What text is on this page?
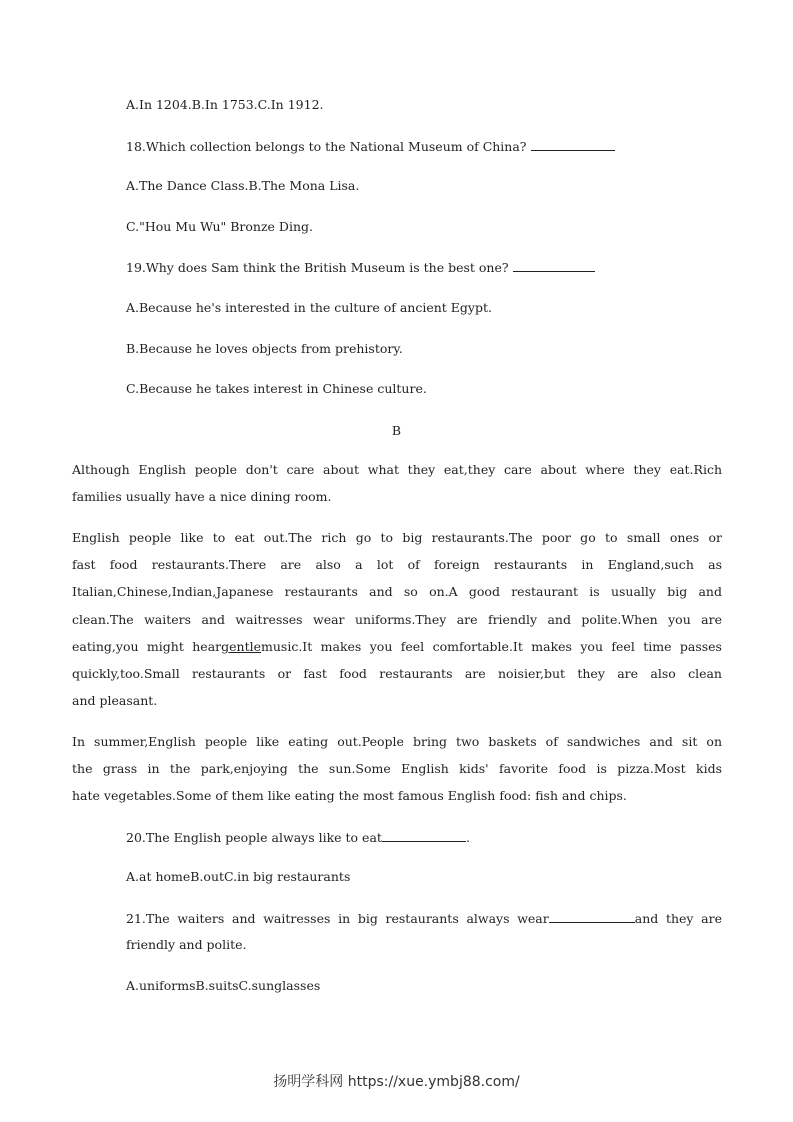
A.In 1204.B.In 1753.C.In 1912.
18.Which collection belongs to the National Museum of China?
A.The Dance Class.B.The Mona Lisa.
C."Hou Mu Wu" Bronze Ding.
19.Why does Sam think the British Museum is the best one?
A.Because he's interested in the culture of ancient Egypt.
B.Because he loves objects from prehistory.
C.Because he takes interest in Chinese culture.
B
Although English people don't care about what they eat,they care about where they eat.Rich
families usually have a nice dining room.
English people like to eat out.The rich go to big restaurants.The poor go to small ones or
fast food restaurants.There are also a lot of foreign restaurants in England,such as
Italian,Chinese,Indian,Japanese restaurants and so on.A good restaurant is usually big and
clean.The waiters and waitresses wear uniforms.They are friendly and polite.When you are
eating,you might heargentlemusic.It makes you feel comfortable.It makes you feel time passes
quickly,too.Small restaurants or fast food restaurants are noisier,but they are also clean
and pleasant.
In summer,English people like eating out.People bring two baskets of sandwiches and sit on
the grass in the park,enjoying the sun.Some English kids' favorite food is pizza.Most kids
hate vegetables.Some of them like eating the most famous English food: fish and chips.
20.The English people always like to eat	.
A.at homeB.outC.in big restaurants
21.The waiters and waitresses in big restaurants always wear	and they are
friendly and polite.
A.uniformsB.suitsC.sunglasses
扬明学科网 https://xue.ymbj88.com/
